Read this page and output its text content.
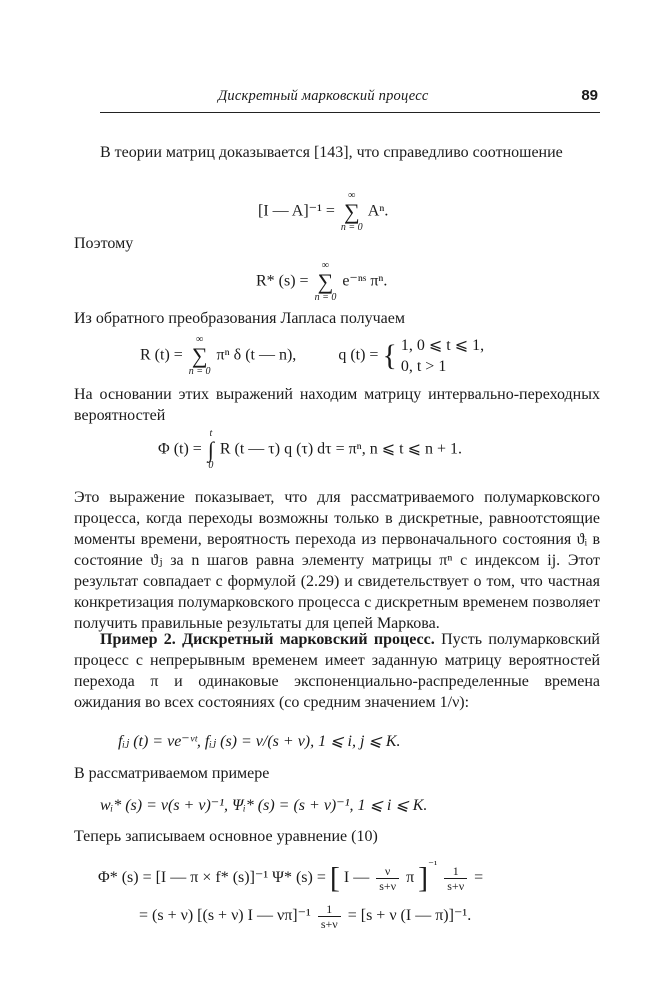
Дискретный марковский процесс	89
В теории матриц доказывается [143], что справедливо соотношение
[I — A]⁻¹ =
∞
∑
n = 0
Aⁿ.
Поэтому
R* (s) =
∞
∑
n = 0
e⁻ⁿˢ πⁿ.
Из обратного преобразования Лапласа получаем
R (t) =
∞
∑
n = 0
πⁿ δ (t — n),	q (t) = { 1, 0 ⩽ t ⩽ 1,
0, t > 1
На основании этих выражений находим матрицу интервально-переходных вероятностей
Φ (t) =
t
∫
0
R (t — τ) q (τ) dτ = πⁿ, n ⩽ t ⩽ n + 1.
Это выражение показывает, что для рассматриваемого полумарковского процесса, когда переходы возможны только в дискретные, равноотстоящие моменты времени, вероятность перехода из первоначального состояния ϑᵢ в состояние ϑⱼ за n шагов равна элементу матрицы πⁿ с индексом ij. Этот результат совпадает с формулой (2.29) и свидетельствует о том, что частная конкретизация полумарковского процесса с дискретным временем позволяет получить правильные результаты для цепей Маркова.
Пример 2. Дискретный марковский процесс. Пусть полумарковский процесс с непрерывным временем имеет заданную матрицу вероятностей перехода π и одинаковые экспоненциально-распределенные времена ожидания во всех состояниях (со средним значением 1/ν):
fᵢⱼ (t) = νe⁻ᵛᵗ, fᵢⱼ (s) = ν/(s + ν), 1 ⩽ i, j ⩽ K.
В рассматриваемом примере
wᵢ* (s) = ν(s + ν)⁻¹, Ψᵢ* (s) = (s + ν)⁻¹, 1 ⩽ i ⩽ K.
Теперь записываем основное уравнение (10)
Φ* (s) = [I — π × f* (s)]⁻¹ Ψ* (s) = [ I — $\frac{\nu}{s+\nu}$ π ]$^{^{-1}} \frac{1}{s+\nu}$ =
= (s + ν) [(s + ν) I — $\nu\pi]^{-1} \frac{1}{s+\nu} = [s + \nu$ (I — π)]⁻¹.
